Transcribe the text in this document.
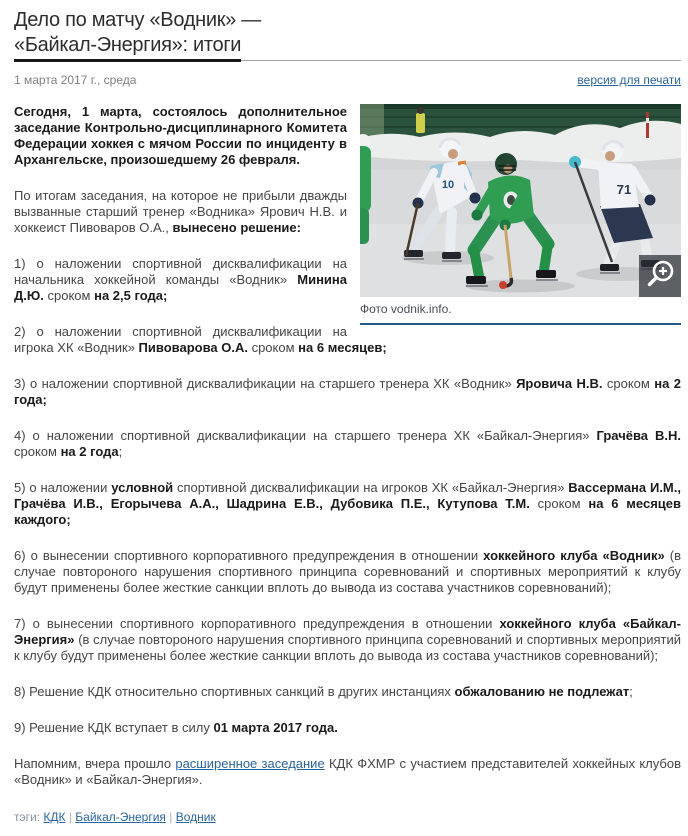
Дело по матчу «Водник» —
«Байкал-Энергия»: итоги
1 марта 2017 г., среда	версия для печати
10	71
Фото vodnik.info.

Сегодня, 1 марта, состоялось дополнительное заседание Контрольно-дисциплинарного Комитета Федерации хоккея с мячом России по инциденту в Архангельске, произошедшему 26 февраля.

По итогам заседания, на которое не прибыли дважды вызванные старший тренер «Водника» Ярович Н.В. и хоккеист Пивоваров О.А., вынесено решение:

1) о наложении спортивной дисквалификации на начальника хоккейной команды «Водник» Минина Д.Ю. сроком на 2,5 года;

2) о наложении спортивной дисквалификации на игрока ХК «Водник» Пивоварова О.А. сроком на 6 месяцев;

3) о наложении спортивной дисквалификации на старшего тренера ХК «Водник» Яровича Н.В. сроком на 2 года;

4) о наложении спортивной дисквалификации на старшего тренера ХК «Байкал-Энергия» Грачёва В.Н. сроком на 2 года;

5) о наложении условной спортивной дисквалификации на игроков ХК «Байкал-Энергия» Вассермана И.М., Грачёва И.В., Егорычева А.А., Шадрина Е.В., Дубовика П.Е., Кутупова Т.М. сроком на 6 месяцев каждого;

6) о вынесении спортивного корпоративного предупреждения в отношении хоккейного клуба «Водник» (в случае повтороного нарушения спортивного принципа соревнований и спортивных мероприятий к клубу будут применены более жесткие санкции вплоть до вывода из состава участников соревнований);

7) о вынесении спортивного корпоративного предупреждения в отношении хоккейного клуба «Байкал-Энергия» (в случае повтороного нарушения спортивного принципа соревнований и спортивных мероприятий к клубу будут применены более жесткие санкции вплоть до вывода из состава участников соревнований);

8) Решение КДК относительно спортивных санкций в других инстанциях обжалованию не подлежат;

9) Решение КДК вступает в силу 01 марта 2017 года.

Напомним, вчера прошло расширенное заседание КДК ФХМР с участием представителей хоккейных клубов «Водник» и «Байкал-Энергия».

тэги: КДК | Байкал-Энергия | Водник
